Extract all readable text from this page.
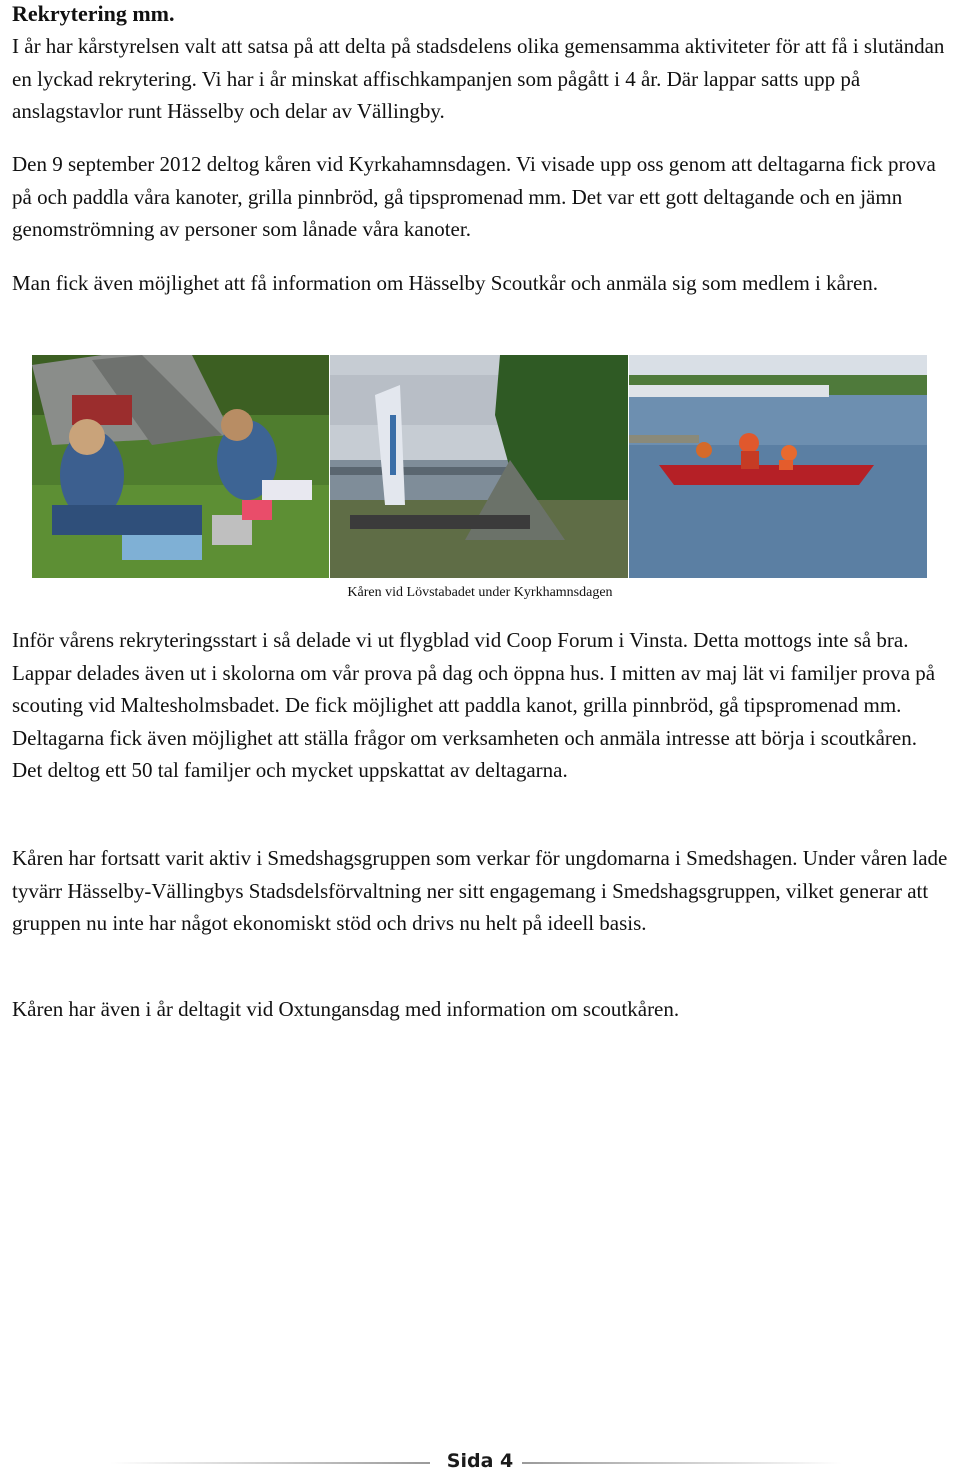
Rekrytering mm.

I år har kårstyrelsen valt att satsa på att delta på stadsdelens olika gemensamma aktiviteter för att få i slutändan en lyckad rekrytering. Vi har i år minskat affischkampanjen som pågått i 4 år. Där lappar satts upp på anslagstavlor runt Hässelby och delar av Vällingby.

Den 9 september 2012 deltog kåren vid Kyrkahamnsdagen. Vi visade upp oss genom att deltagarna fick prova på och paddla våra kanoter, grilla pinnbröd, gå tipspromenad mm. Det var ett gott deltagande och en jämn genomströmning av personer som lånade våra kanoter.

Man fick även möjlighet att få information om Hässelby Scoutkår och anmäla sig som medlem i kåren.

Kåren vid Lövstabadet under Kyrkhamnsdagen

Inför vårens rekryteringsstart i så delade vi ut flygblad vid Coop Forum i Vinsta. Detta mottogs inte så bra. Lappar delades även ut i skolorna om vår prova på dag och öppna hus. I mitten av maj lät vi familjer prova på scouting vid Maltesholmsbadet. De fick möjlighet att paddla kanot, grilla pinnbröd, gå tipspromenad mm. Deltagarna fick även möjlighet att ställa frågor om verksamheten och anmäla intresse att börja i scoutkåren. Det deltog ett 50 tal familjer och mycket uppskattat av deltagarna.

Kåren har fortsatt varit aktiv i Smedshagsgruppen som verkar för ungdomarna i Smedshagen. Under våren lade tyvärr Hässelby-Vällingbys Stadsdelsförvaltning ner sitt engagemang i Smedshagsgruppen, vilket generar att gruppen nu inte har något ekonomiskt stöd och drivs nu helt på ideell basis.

Kåren har även i år deltagit vid Oxtungansdag med information om scoutkåren.

Sida 4
